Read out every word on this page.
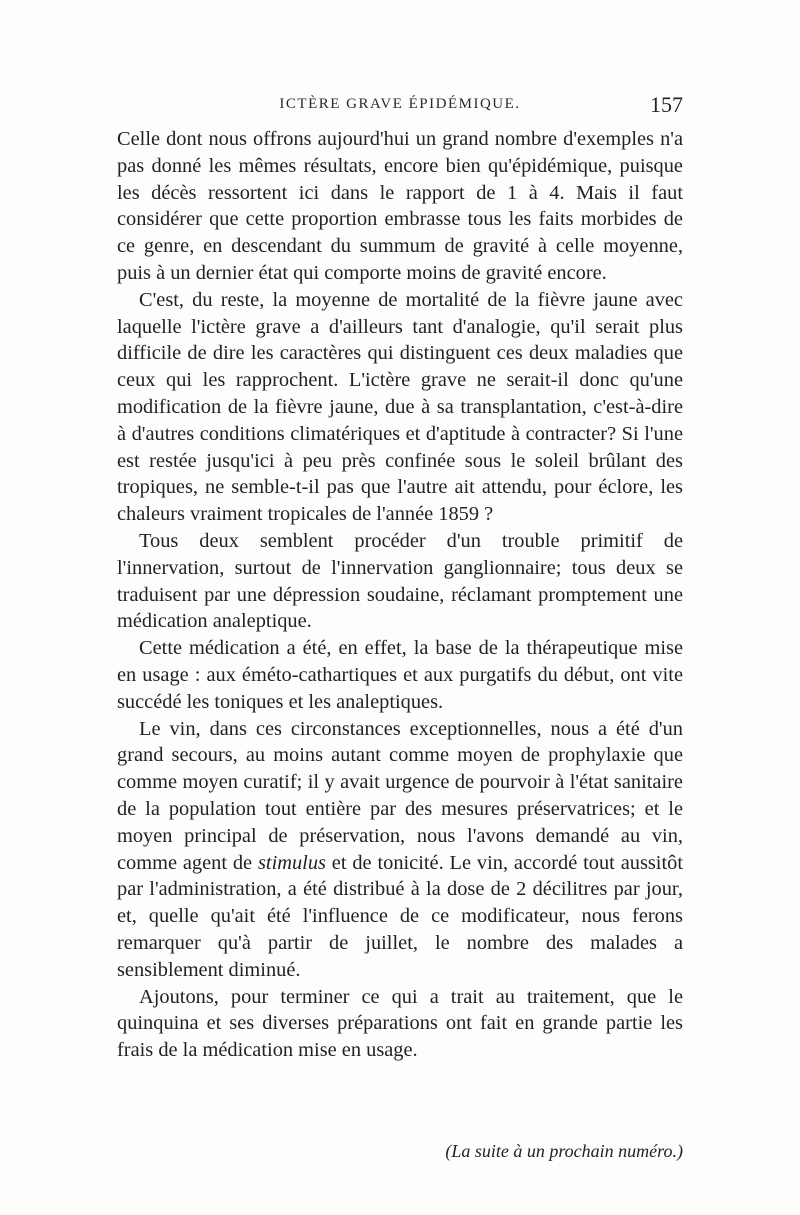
ICTÈRE GRAVE ÉPIDÉMIQUE.	157

Celle dont nous offrons aujourd'hui un grand nombre d'exemples n'a pas donné les mêmes résultats, encore bien qu'épidémique, puisque les décès ressortent ici dans le rapport de 1 à 4. Mais il faut considérer que cette proportion embrasse tous les faits morbides de ce genre, en descendant du summum de gravité à celle moyenne, puis à un dernier état qui comporte moins de gravité encore.

C'est, du reste, la moyenne de mortalité de la fièvre jaune avec laquelle l'ictère grave a d'ailleurs tant d'analogie, qu'il serait plus difficile de dire les caractères qui distinguent ces deux maladies que ceux qui les rapprochent. L'ictère grave ne serait-il donc qu'une modification de la fièvre jaune, due à sa transplantation, c'est-à-dire à d'autres conditions climatériques et d'aptitude à contracter? Si l'une est restée jusqu'ici à peu près confinée sous le soleil brûlant des tropiques, ne semble-t-il pas que l'autre ait attendu, pour éclore, les chaleurs vraiment tropicales de l'année 1859 ?

Tous deux semblent procéder d'un trouble primitif de l'innervation, surtout de l'innervation ganglionnaire; tous deux se traduisent par une dépression soudaine, réclamant promptement une médication analeptique.

Cette médication a été, en effet, la base de la thérapeutique mise en usage : aux éméto-cathartiques et aux purgatifs du début, ont vite succédé les toniques et les analeptiques.

Le vin, dans ces circonstances exceptionnelles, nous a été d'un grand secours, au moins autant comme moyen de prophylaxie que comme moyen curatif; il y avait urgence de pourvoir à l'état sanitaire de la population tout entière par des mesures préservatrices; et le moyen principal de préservation, nous l'avons demandé au vin, comme agent de stimulus et de tonicité. Le vin, accordé tout aussitôt par l'administration, a été distribué à la dose de 2 décilitres par jour, et, quelle qu'ait été l'influence de ce modificateur, nous ferons remarquer qu'à partir de juillet, le nombre des malades a sensiblement diminué.

Ajoutons, pour terminer ce qui a trait au traitement, que le quinquina et ses diverses préparations ont fait en grande partie les frais de la médication mise en usage.

(La suite à un prochain numéro.)
